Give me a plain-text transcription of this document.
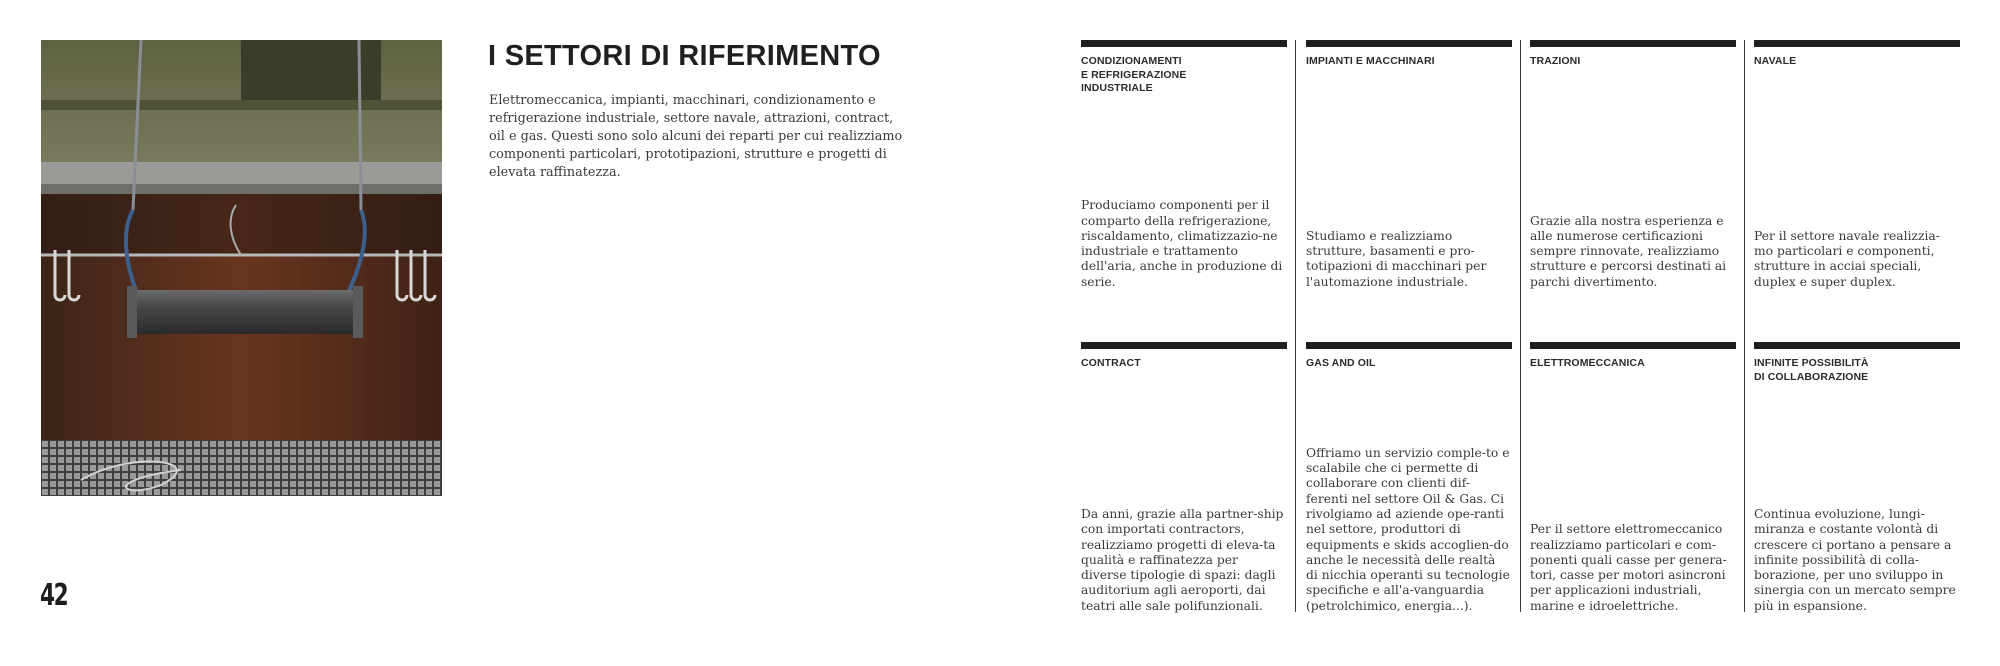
42
I SETTORI DI RIFERIMENTO

Elettromeccanica, impianti, macchinari, condizionamento e refrigerazione industriale, settore navale, attrazioni, contract, oil e gas. Questi sono solo alcuni dei reparti per cui realizziamo componenti particolari, prototipazioni, strutture e progetti di elevata raffinatezza.

CONDIZIONAMENTI
E REFRIGERAZIONE
INDUSTRIALE
Produciamo componenti per il comparto della refrigerazione, riscaldamento, climatizzazio-ne industriale e trattamento dell'aria, anche in produzione di serie.
IMPIANTI E MACCHINARI
Studiamo e realizziamo strutture, basamenti e pro-totipazioni di macchinari per l'automazione industriale.
TRAZIONI
Grazie alla nostra esperienza e alle numerose certificazioni sempre rinnovate, realizziamo strutture e percorsi destinati ai parchi divertimento.
NAVALE
Per il settore navale realizzia-mo particolari e componenti, strutture in acciai speciali, duplex e super duplex.
CONTRACT
Da anni, grazie alla partner-ship con importati contractors, realizziamo progetti di eleva-ta qualità e raffinatezza per diverse tipologie di spazi: dagli auditorium agli aeroporti, dai teatri alle sale polifunzionali.
GAS AND OIL
Offriamo un servizio comple-to e scalabile che ci permette di collaborare con clienti dif-ferenti nel settore Oil & Gas. Ci rivolgiamo ad aziende ope-ranti nel settore, produttori di equipments e skids accoglien-do anche le necessità delle realtà di nicchia operanti su tecnologie specifiche e all'a-vanguardia (petrolchimico, energia...).
ELETTROMECCANICA
Per il settore elettromeccanico realizziamo particolari e com-ponenti quali casse per genera-tori, casse per motori asincroni per applicazioni industriali, marine e idroelettriche.
INFINITE POSSIBILITÀ
DI COLLABORAZIONE
Continua evoluzione, lungi-miranza e costante volontà di crescere ci portano a pensare a infinite possibilità di colla-borazione, per uno sviluppo in sinergia con un mercato sempre più in espansione.
